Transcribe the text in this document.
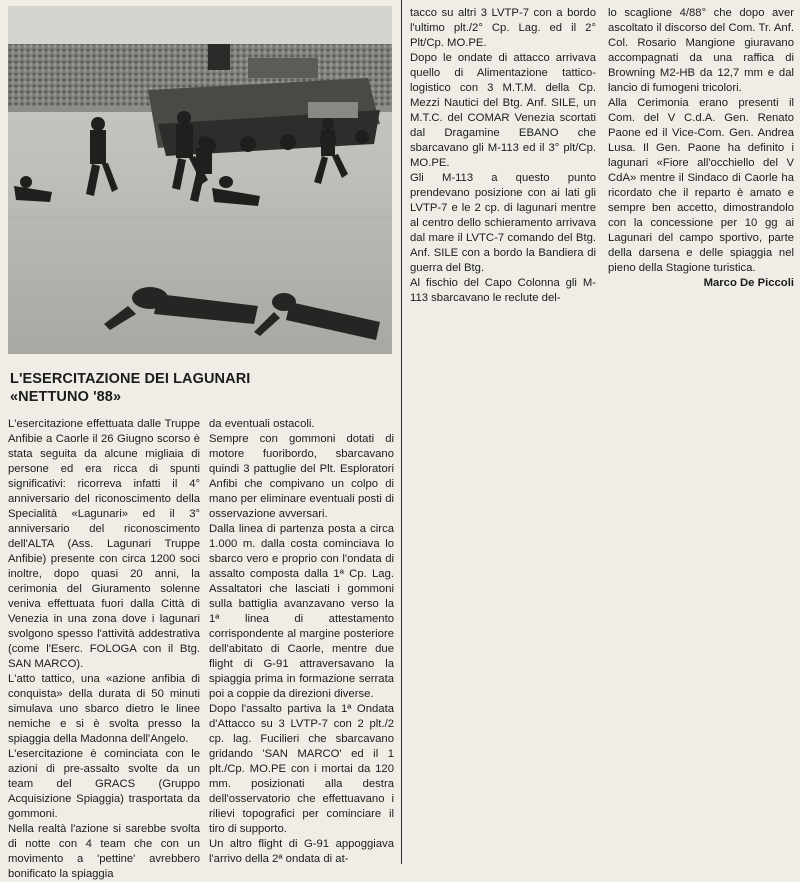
L'ESERCITAZIONE DEI LAGUNARI
«NETTUNO '88»

L'esercitazione effettuata dalle Truppe Anfibie a Caorle il 26 Giugno scorso è stata seguita da alcune migliaia di persone ed era ricca di spunti significativi: ricorreva infatti il 4° anniversario del riconoscimento della Specialità «Lagunari» ed il 3° anniversario del riconoscimento dell'ALTA (Ass. Lagunari Truppe Anfibie) presente con circa 1200 soci inoltre, dopo quasi 20 anni, la cerimonia del Giuramento solenne veniva effettuata fuori dalla Città di Venezia in una zona dove i lagunari svolgono spesso l'attività addestrativa (come l'Eserc. FOLOGA con il Btg. SAN MARCO).

L'atto tattico, una «azione anfibia di conquista» della durata di 50 minuti simulava uno sbarco dietro le linee nemiche e si è svolta presso la spiaggia della Madonna dell'Angelo.

L'esercitazione è cominciata con le azioni di pre-assalto svolte da un team del GRACS (Gruppo Acquisizione Spiaggia) trasportata da gommoni.

Nella realtà l'azione si sarebbe svolta di notte con 4 team che con un movimento a 'pettine' avrebbero bonificato la spiaggia

da eventuali ostacoli.

Sempre con gommoni dotati di motore fuoribordo, sbarcavano quindi 3 pattuglie del Plt. Esploratori Anfibi che compivano un colpo di mano per eliminare eventuali posti di osservazione avversari.

Dalla linea di partenza posta a circa 1.000 m. dalla costa cominciava lo sbarco vero e proprio con l'ondata di assalto composta dalla 1ª Cp. Lag. Assaltatori che lasciati i gommoni sulla battiglia avanzavano verso la 1ª linea di attestamento corrispondente al margine posteriore dell'abitato di Caorle, mentre due flight di G-91 attraversavano la spiaggia prima in formazione serrata poi a coppie da direzioni diverse.

Dopo l'assalto partiva la 1ª Ondata d'Attacco su 3 LVTP-7 con 2 plt./2 cp. lag. Fucilieri che sbarcavano gridando 'SAN MARCO' ed il 1 plt./Cp. MO.PE con i mortai da 120 mm. posizionati alla destra dell'osservatorio che effettuavano i rilievi topografici per cominciare il tiro di supporto.

Un altro flight di G-91 appoggiava l'arrivo della 2ª ondata di at-

tacco su altri 3 LVTP-7 con a bordo l'ultimo plt./2° Cp. Lag. ed il 2° Plt/Cp. MO.PE.

Dopo le ondate di attacco arrivava quello di Alimentazione tattico-logistico con 3 M.T.M. della Cp. Mezzi Nautici del Btg. Anf. SILE, un M.T.C. del COMAR Venezia scortati dal Dragamine EBANO che sbarcavano gli M-113 ed il 3° plt/Cp. MO.PE.

Gli M-113 a questo punto prendevano posizione con ai lati gli LVTP-7 e le 2 cp. di lagunari mentre al centro dello schieramento arrivava dal mare il LVTC-7 comando del Btg. Anf. SILE con a bordo la Bandiera di guerra del Btg.

Al fischio del Capo Colonna gli M-113 sbarcavano le reclute del-

lo scaglione 4/88° che dopo aver ascoltato il discorso del Com. Tr. Anf. Col. Rosario Mangione giuravano accompagnati da una raffica di Browning M2-HB da 12,7 mm e dal lancio di fumogeni tricolori.

Alla Cerimonia erano presenti il Com. del V C.d.A. Gen. Renato Paone ed il Vice-Com. Gen. Andrea Lusa. Il Gen. Paone ha definito i lagunari «Fiore all'occhiello del V CdA» mentre il Sindaco di Caorle ha ricordato che il reparto è amato e sempre ben accetto, dimostrandolo con la concessione per 10 gg ai Lagunari del campo sportivo, parte della darsena e delle spiaggia nel pieno della Stagione turistica.

Marco De Piccoli
